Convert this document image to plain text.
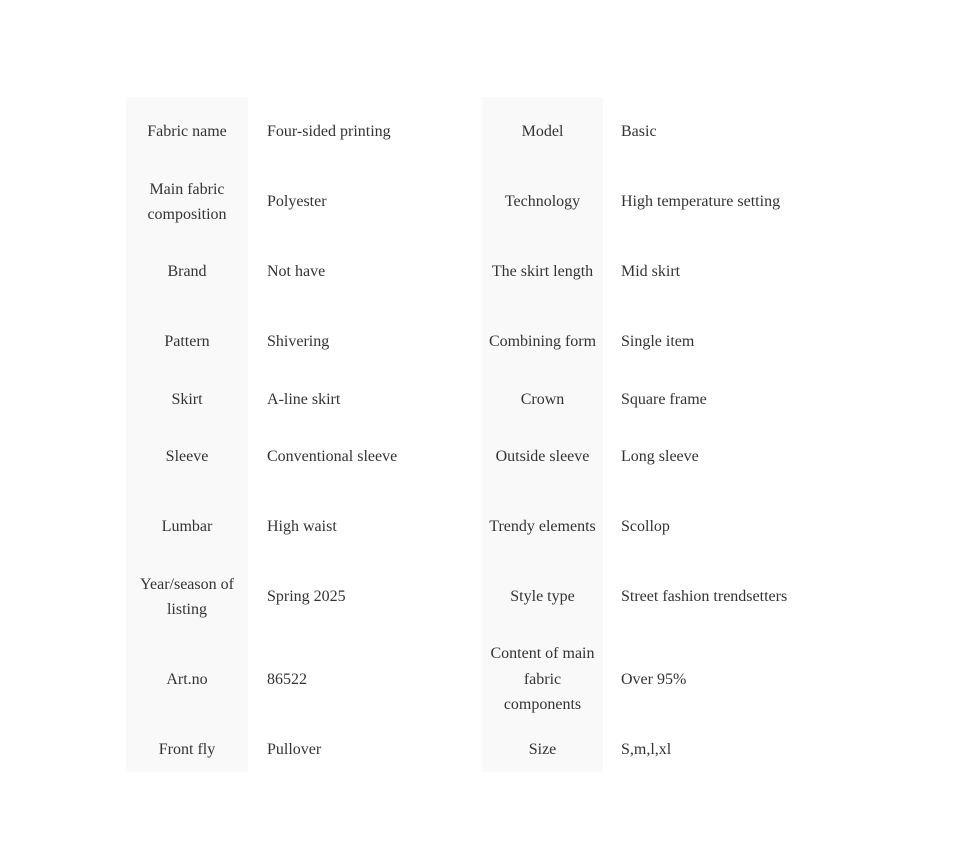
Fabric name	Four-sided printing	Model	Basic
Main fabric composition	Polyester	Technology	High temperature setting
Brand	Not have	The skirt length	Mid skirt
Pattern	Shivering	Combining form	Single item
Skirt	A-line skirt	Crown	Square frame
Sleeve	Conventional sleeve	Outside sleeve	Long sleeve
Lumbar	High waist	Trendy elements	Scollop
Year/season of listing	Spring 2025	Style type	Street fashion trendsetters
Art.no	86522	Content of main fabric components	Over 95%
Front fly	Pullover	Size	S,m,l,xl
